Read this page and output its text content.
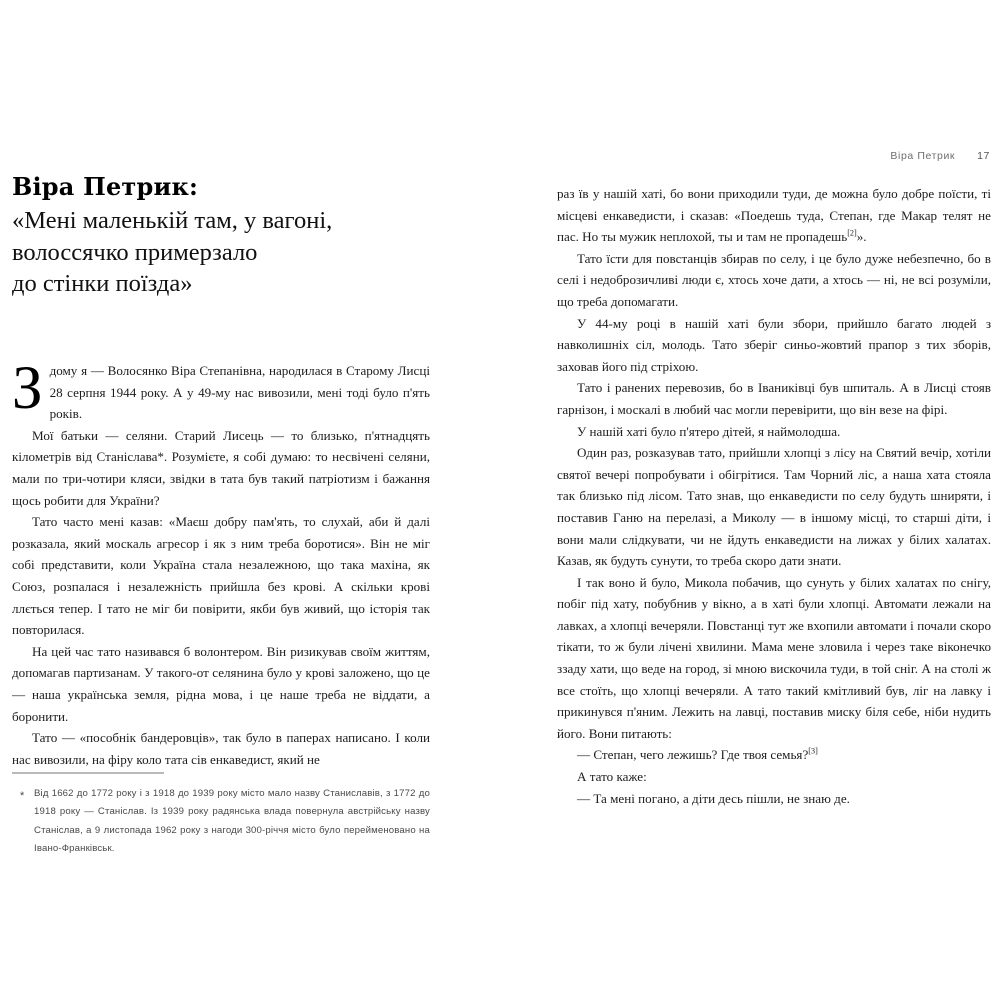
Віра Петрик 17
Віра Петрик:
«Мені маленькій там, у вагоні,
волоссячко примерзало
до стінки поїзда»

Здому я — Волосянко Віра Степанівна, народилася в Старому Лисці 28 серпня 1944 року. А у 49-му нас вивозили, мені тоді було п'ять років.

Мої батьки — селяни. Старий Лисець — то близько, п'ятнадцять кілометрів від Станіслава*. Розумієте, я собі думаю: то несвічені селяни, мали по три-чотири кляси, звідки в тата був такий патріотизм і бажання щось робити для України?

Тато часто мені казав: «Маєш добру пам'ять, то слухай, аби й далі розказала, який москаль агресор і як з ним треба боротися». Він не міг собі представити, коли Україна стала незалежною, що така махіна, як Союз, розпалася і незалежність прийшла без крові. А скільки крові ллється тепер. І тато не міг би повірити, якби був живий, що історія так повторилася.

На цей час тато називався б волонтером. Він ризикував своїм життям, допомагав партизанам. У такого-от селянина було у крові заложено, що це — наша українська земля, рідна мова, і це наше треба не віддати, а боронити.

Тато — «пособнік бандеровців», так було в паперах написано. І коли нас вивозили, на фіру коло тата сів енкаведист, який не

* Від 1662 до 1772 року і з 1918 до 1939 року місто мало назву Станиславів, з 1772 до 1918 року — Станіслав. Із 1939 року радянська влада повернула австрійську назву Станіслав, а 9 листопада 1962 року з нагоди 300-річчя місто було перейменовано на Івано-Франківськ.

раз їв у нашій хаті, бо вони приходили туди, де можна було добре поїсти, ті місцеві енкаведисти, і сказав: «Поедешь туда, Степан, где Макар телят не пас. Но ты мужик неплохой, ты и там не пропадешь[2]».

Тато їсти для повстанців збирав по селу, і це було дуже небезпечно, бо в селі і недоброзичливі люди є, хтось хоче дати, а хтось — ні, не всі розуміли, що треба допомагати.

У 44-му році в нашій хаті були збори, прийшло багато людей з навколишніх сіл, молодь. Тато зберіг синьо-жовтий прапор з тих зборів, заховав його під стріхою.

Тато і ранених перевозив, бо в Іваниківці був шпиталь. А в Лисці стояв гарнізон, і москалі в любий час могли перевірити, що він везе на фірі.

У нашій хаті було п'ятеро дітей, я наймолодша.

Один раз, розказував тато, прийшли хлопці з лісу на Святий вечір, хотіли святої вечері попробувати і обігрітися. Там Чорний ліс, а наша хата стояла так близько під лісом. Тато знав, що енкаведисти по селу будуть шниряти, і поставив Ганю на перелазі, а Миколу — в іншому місці, то старші діти, і вони мали слідкувати, чи не йдуть енкаведисти на лижах у білих халатах. Казав, як будуть сунути, то треба скоро дати знати.

І так воно й було, Микола побачив, що сунуть у білих халатах по снігу, побіг під хату, побубнив у вікно, а в хаті були хлопці. Автомати лежали на лавках, а хлопці вечеряли. Повстанці тут же вхопили автомати і почали скоро тікати, то ж були лічені хвилини. Мама мене зловила і через таке віконечко ззаду хати, що веде на город, зі мною вискочила туди, в той сніг. А на столі ж все стоїть, що хлопці вечеряли. А тато такий кмітливий був, ліг на лавку і прикинувся п'яним. Лежить на лавці, поставив миску біля себе, ніби нудить його. Вони питають:

— Степан, чего лежишь? Где твоя семья?[3]

А тато каже:

— Та мені погано, а діти десь пішли, не знаю де.
